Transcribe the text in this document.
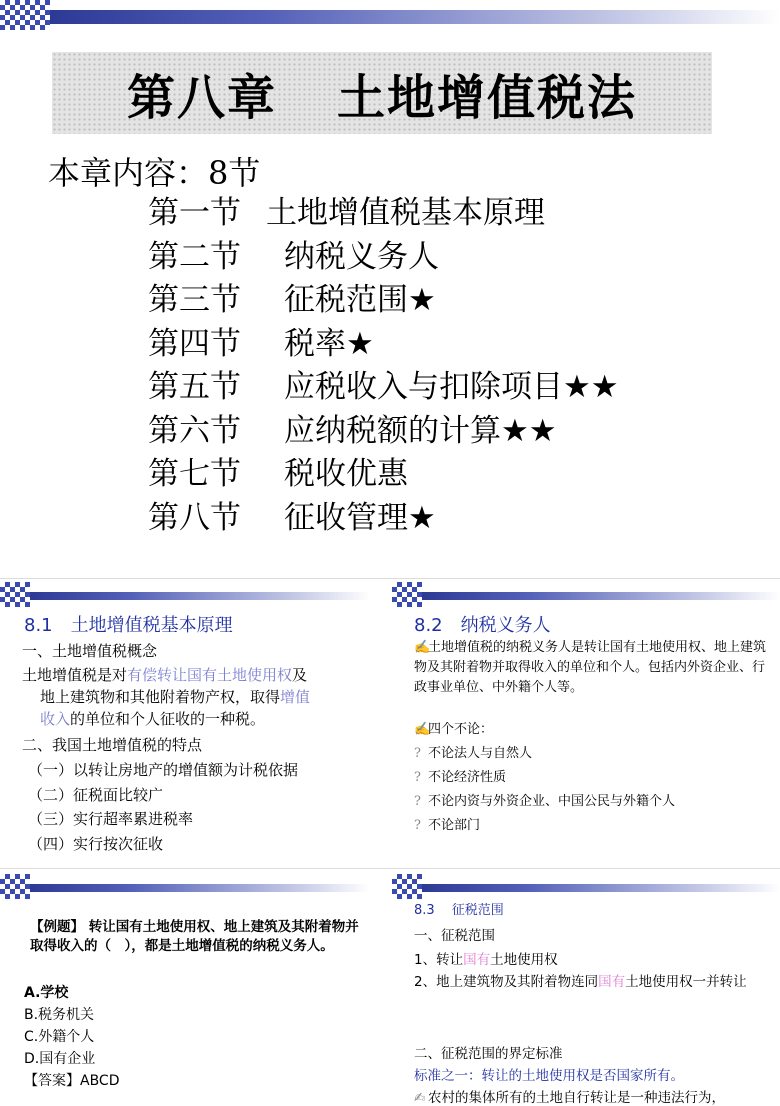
第八章 土地增值税法
本章内容：8节
第一节 土地增值税基本原理
第二节 纳税义务人
第三节 征税范围★
第四节 税率★
第五节 应税收入与扣除项目★★
第六节 应纳税额的计算★★
第七节 税收优惠
第八节 征收管理★
8.1　土地增值税基本原理
一、土地增值税概念
土地增值税是对有偿转让国有土地使用权及
地上建筑物和其他附着物产权，取得增值
收入的单位和个人征收的一种税。
二、我国土地增值税的特点
（一）以转让房地产的增值额为计税依据
（二）征税面比较广
（三）实行超率累进税率
（四）实行按次征收
8.2　纳税义务人
✍土地增值税的纳税义务人是转让国有土地使用权、地上建筑物及其附着物并取得收入的单位和个人。包括内外资企业、行政事业单位、中外籍个人等。
✍四个不论：
? 不论法人与自然人
? 不论经济性质
? 不论内资与外资企业、中国公民与外籍个人
? 不论部门
【例题】 转让国有土地使用权、地上建筑及其附着物并取得收入的（　），都是土地增值税的纳税义务人。
A.学校
B.税务机关
C.外籍个人
D.国有企业
【答案】ABCD
8.3　 征税范围
一、征税范围
1、转让国有土地使用权
2、地上建筑物及其附着物连同国有土地使用权一并转让
二、征税范围的界定标准
标准之一：转让的土地使用权是否国家所有。
✍ 农村的集体所有的土地自行转让是一种违法行为，
